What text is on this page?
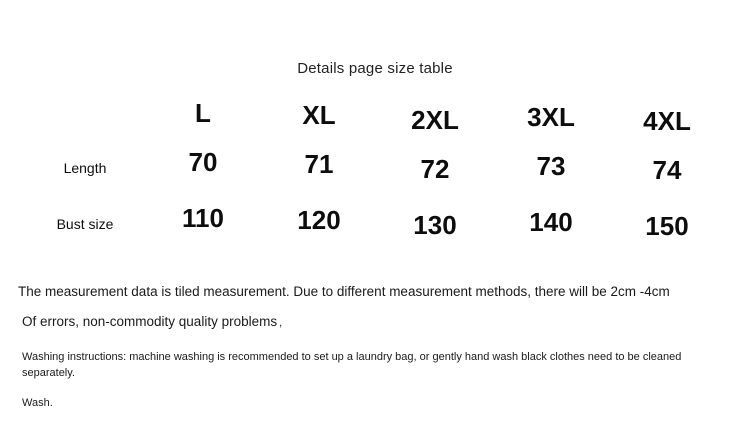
Details page size table
	L	XL	2XL	3XL	4XL
Length	70	71	72	73	74
Bust size	110	120	130	140	150
The measurement data is tiled measurement. Due to different measurement methods, there will be 2cm -4cm
Of errors, non-commodity quality problems ,
Washing instructions: machine washing is recommended to set up a laundry bag, or gently hand wash black clothes need to be cleaned separately.
Wash.
